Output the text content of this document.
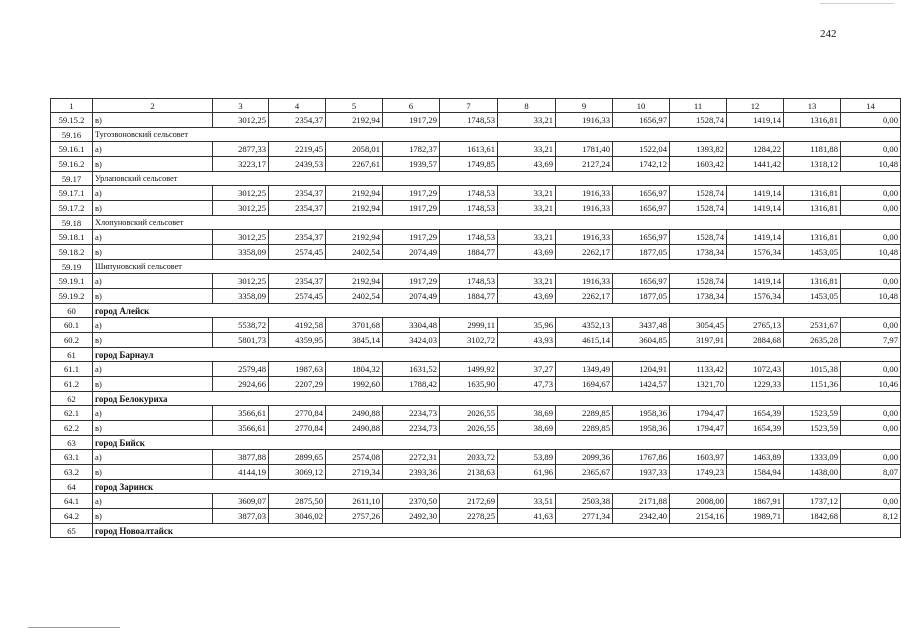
242
1	2	3	4	5	6	7	8	9	10	11	12	13	14
59.15.2	в)	3012,25	2354,37	2192,94	1917,29	1748,53	33,21	1916,33	1656,97	1528,74	1419,14	1316,81	0,00
59.16	Тугозвоновский сельсовет												
59.16.1	а)	2877,33	2219,45	2058,01	1782,37	1613,61	33,21	1781,40	1522,04	1393,82	1284,22	1181,88	0,00
59.16.2	в)	3223,17	2439,53	2267,61	1939,57	1749,85	43,69	2127,24	1742,12	1603,42	1441,42	1318,12	10,48
59.17	Урлаповский сельсовет												
59.17.1	а)	3012,25	2354,37	2192,94	1917,29	1748,53	33,21	1916,33	1656,97	1528,74	1419,14	1316,81	0,00
59.17.2	в)	3012,25	2354,37	2192,94	1917,29	1748,53	33,21	1916,33	1656,97	1528,74	1419,14	1316,81	0,00
59.18	Хлопуновский сельсовет												
59.18.1	а)	3012,25	2354,37	2192,94	1917,29	1748,53	33,21	1916,33	1656,97	1528,74	1419,14	1316,81	0,00
59.18.2	в)	3358,09	2574,45	2402,54	2074,49	1884,77	43,69	2262,17	1877,05	1738,34	1576,34	1453,05	10,48
59.19	Шипуновский сельсовет												
59.19.1	а)	3012,25	2354,37	2192,94	1917,29	1748,53	33,21	1916,33	1656,97	1528,74	1419,14	1316,81	0,00
59.19.2	в)	3358,09	2574,45	2402,54	2074,49	1884,77	43,69	2262,17	1877,05	1738,34	1576,34	1453,05	10,48
60	город Алейск												
60.1	а)	5538,72	4192,58	3701,68	3304,48	2999,11	35,96	4352,13	3437,48	3054,45	2765,13	2531,67	0,00
60.2	в)	5801,73	4359,95	3845,14	3424,03	3102,72	43,93	4615,14	3604,85	3197,91	2884,68	2635,28	7,97
61	город Барнаул												
61.1	а)	2579,48	1987,63	1804,32	1631,52	1499,92	37,27	1349,49	1204,91	1133,42	1072,43	1015,38	0,00
61.2	в)	2924,66	2207,29	1992,60	1788,42	1635,90	47,73	1694,67	1424,57	1321,70	1229,33	1151,36	10,46
62	город Белокуриха												
62.1	а)	3566,61	2770,84	2490,88	2234,73	2026,55	38,69	2289,85	1958,36	1794,47	1654,39	1523,59	0,00
62.2	в)	3566,61	2770,84	2490,88	2234,73	2026,55	38,69	2289,85	1958,36	1794,47	1654,39	1523,59	0,00
63	город Бийск												
63.1	а)	3877,88	2899,65	2574,08	2272,31	2033,72	53,89	2099,36	1767,86	1603,97	1463,89	1333,09	0,00
63.2	в)	4144,19	3069,12	2719,34	2393,36	2138,63	61,96	2365,67	1937,33	1749,23	1584,94	1438,00	8,07
64	город Заринск												
64.1	а)	3609,07	2875,50	2611,10	2370,50	2172,69	33,51	2503,38	2171,88	2008,00	1867,91	1737,12	0,00
64.2	в)	3877,03	3046,02	2757,26	2492,30	2278,25	41,63	2771,34	2342,40	2154,16	1989,71	1842,68	8,12
65	город Новоалтайск												
